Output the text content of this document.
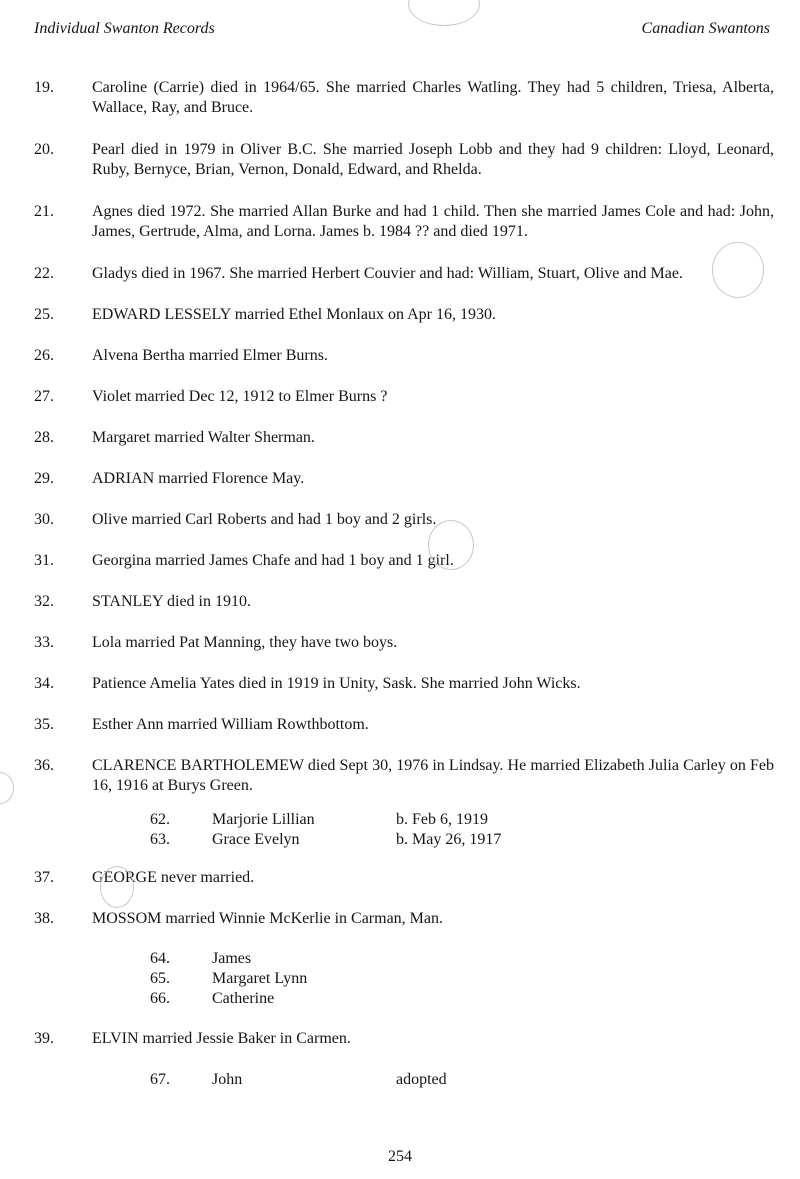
Individual Swanton Records	Canadian Swantons
19.	Caroline (Carrie) died in 1964/65. She married Charles Watling. They had 5 children, Triesa, Alberta, Wallace, Ray, and Bruce.
20.	Pearl died in 1979 in Oliver B.C. She married Joseph Lobb and they had 9 children: Lloyd, Leonard, Ruby, Bernyce, Brian, Vernon, Donald, Edward, and Rhelda.
21.	Agnes died 1972. She married Allan Burke and had 1 child. Then she married James Cole and had: John, James, Gertrude, Alma, and Lorna. James b. 1984 ?? and died 1971.
22.	Gladys died in 1967. She married Herbert Couvier and had: William, Stuart, Olive and Mae.
25.	EDWARD LESSELY married Ethel Monlaux on Apr 16, 1930.
26.	Alvena Bertha married Elmer Burns.
27.	Violet married Dec 12, 1912 to Elmer Burns ?
28.	Margaret married Walter Sherman.
29.	ADRIAN married Florence May.
30.	Olive married Carl Roberts and had 1 boy and 2 girls.
31.	Georgina married James Chafe and had 1 boy and 1 girl.
32.	STANLEY died in 1910.
33.	Lola married Pat Manning, they have two boys.
34.	Patience Amelia Yates died in 1919 in Unity, Sask. She married John Wicks.
35.	Esther Ann married William Rowthbottom.
36.	CLARENCE BARTHOLEMEW died Sept 30, 1976 in Lindsay. He married Elizabeth Julia Carley on Feb 16, 1916 at Burys Green.
62.	Marjorie Lillian	b. Feb 6, 1919
63.	Grace Evelyn	b. May 26, 1917
37.	GEORGE never married.
38.	MOSSOM married Winnie McKerlie in Carman, Man.
64.	James
65.	Margaret Lynn
66.	Catherine
39.	ELVIN married Jessie Baker in Carmen.
67.	John	adopted
254
